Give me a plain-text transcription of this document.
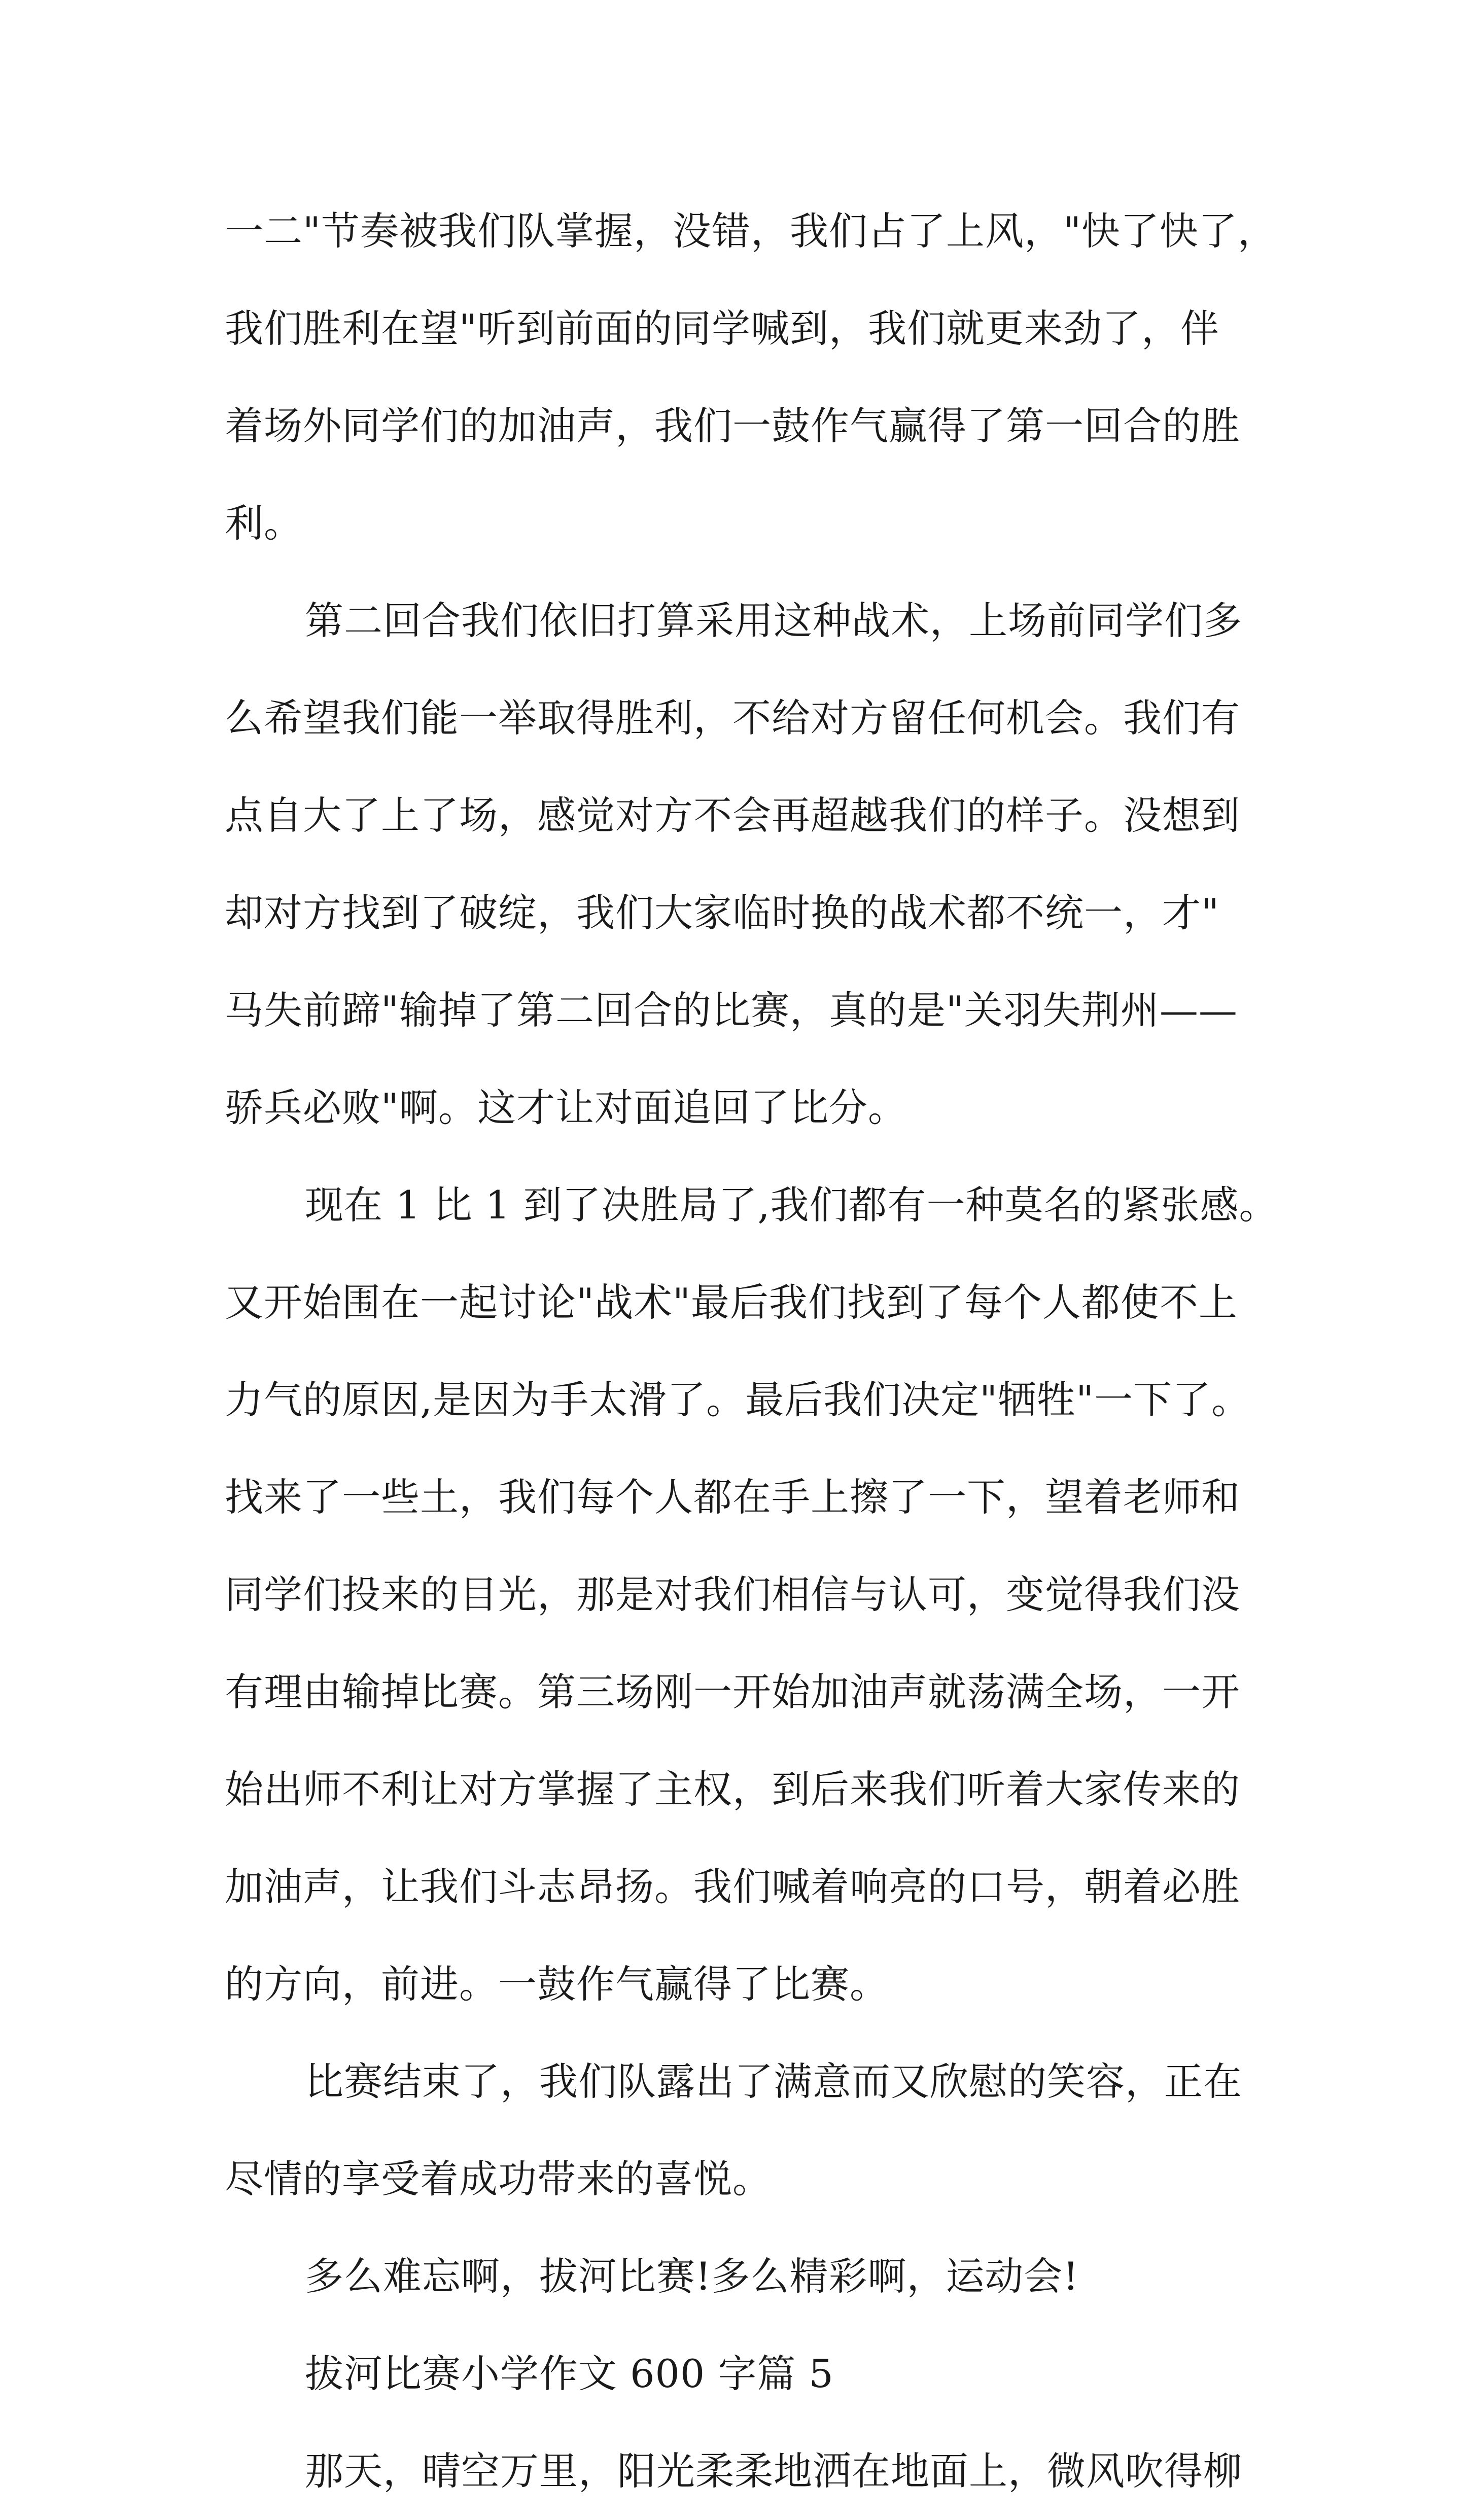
一二"节奏被我们队掌握，没错，我们占了上风，"快了快了，
我们胜利在望"听到前面的同学喊到，我们就更来劲了，伴
着场外同学们的加油声，我们一鼓作气赢得了第一回合的胜
利。
第二回合我们依旧打算采用这种战术，上场前同学们多
么希望我们能一举取得胜利，不给对方留任何机会。我们有
点自大了上了场，感觉对方不会再超越我们的样子。没想到
却对方找到了破绽，我们大家临时换的战术都不统一，才"
马失前蹄"输掉了第二回合的比赛，真的是"关羽失荆州——
骄兵必败"啊。这才让对面追回了比分。
现在 1 比 1 到了决胜局了,我们都有一种莫名的紧张感。
又开始围在一起讨论"战术"最后我们找到了每个人都使不上
力气的原因,是因为手太滑了。最后我们决定"牺牲"一下了。
找来了一些土，我们每个人都在手上擦了一下，望着老师和
同学们投来的目光，那是对我们相信与认可，变觉得我们没
有理由输掉比赛。第三场刚一开始加油声就荡满全场，一开
始出师不利让对方掌握了主权，到后来我们听着大家传来的
加油声，让我们斗志昂扬。我们喊着响亮的口号，朝着必胜
的方向，前进。一鼓作气赢得了比赛。
比赛结束了，我们队露出了满意而又欣慰的笑容，正在
尽情的享受着成功带来的喜悦。
多么难忘啊，拔河比赛!多么精彩啊，运动会!
拔河比赛小学作文 600 字篇 5
那天，晴空万里，阳光柔柔地洒在地面上，微风吹得柳
